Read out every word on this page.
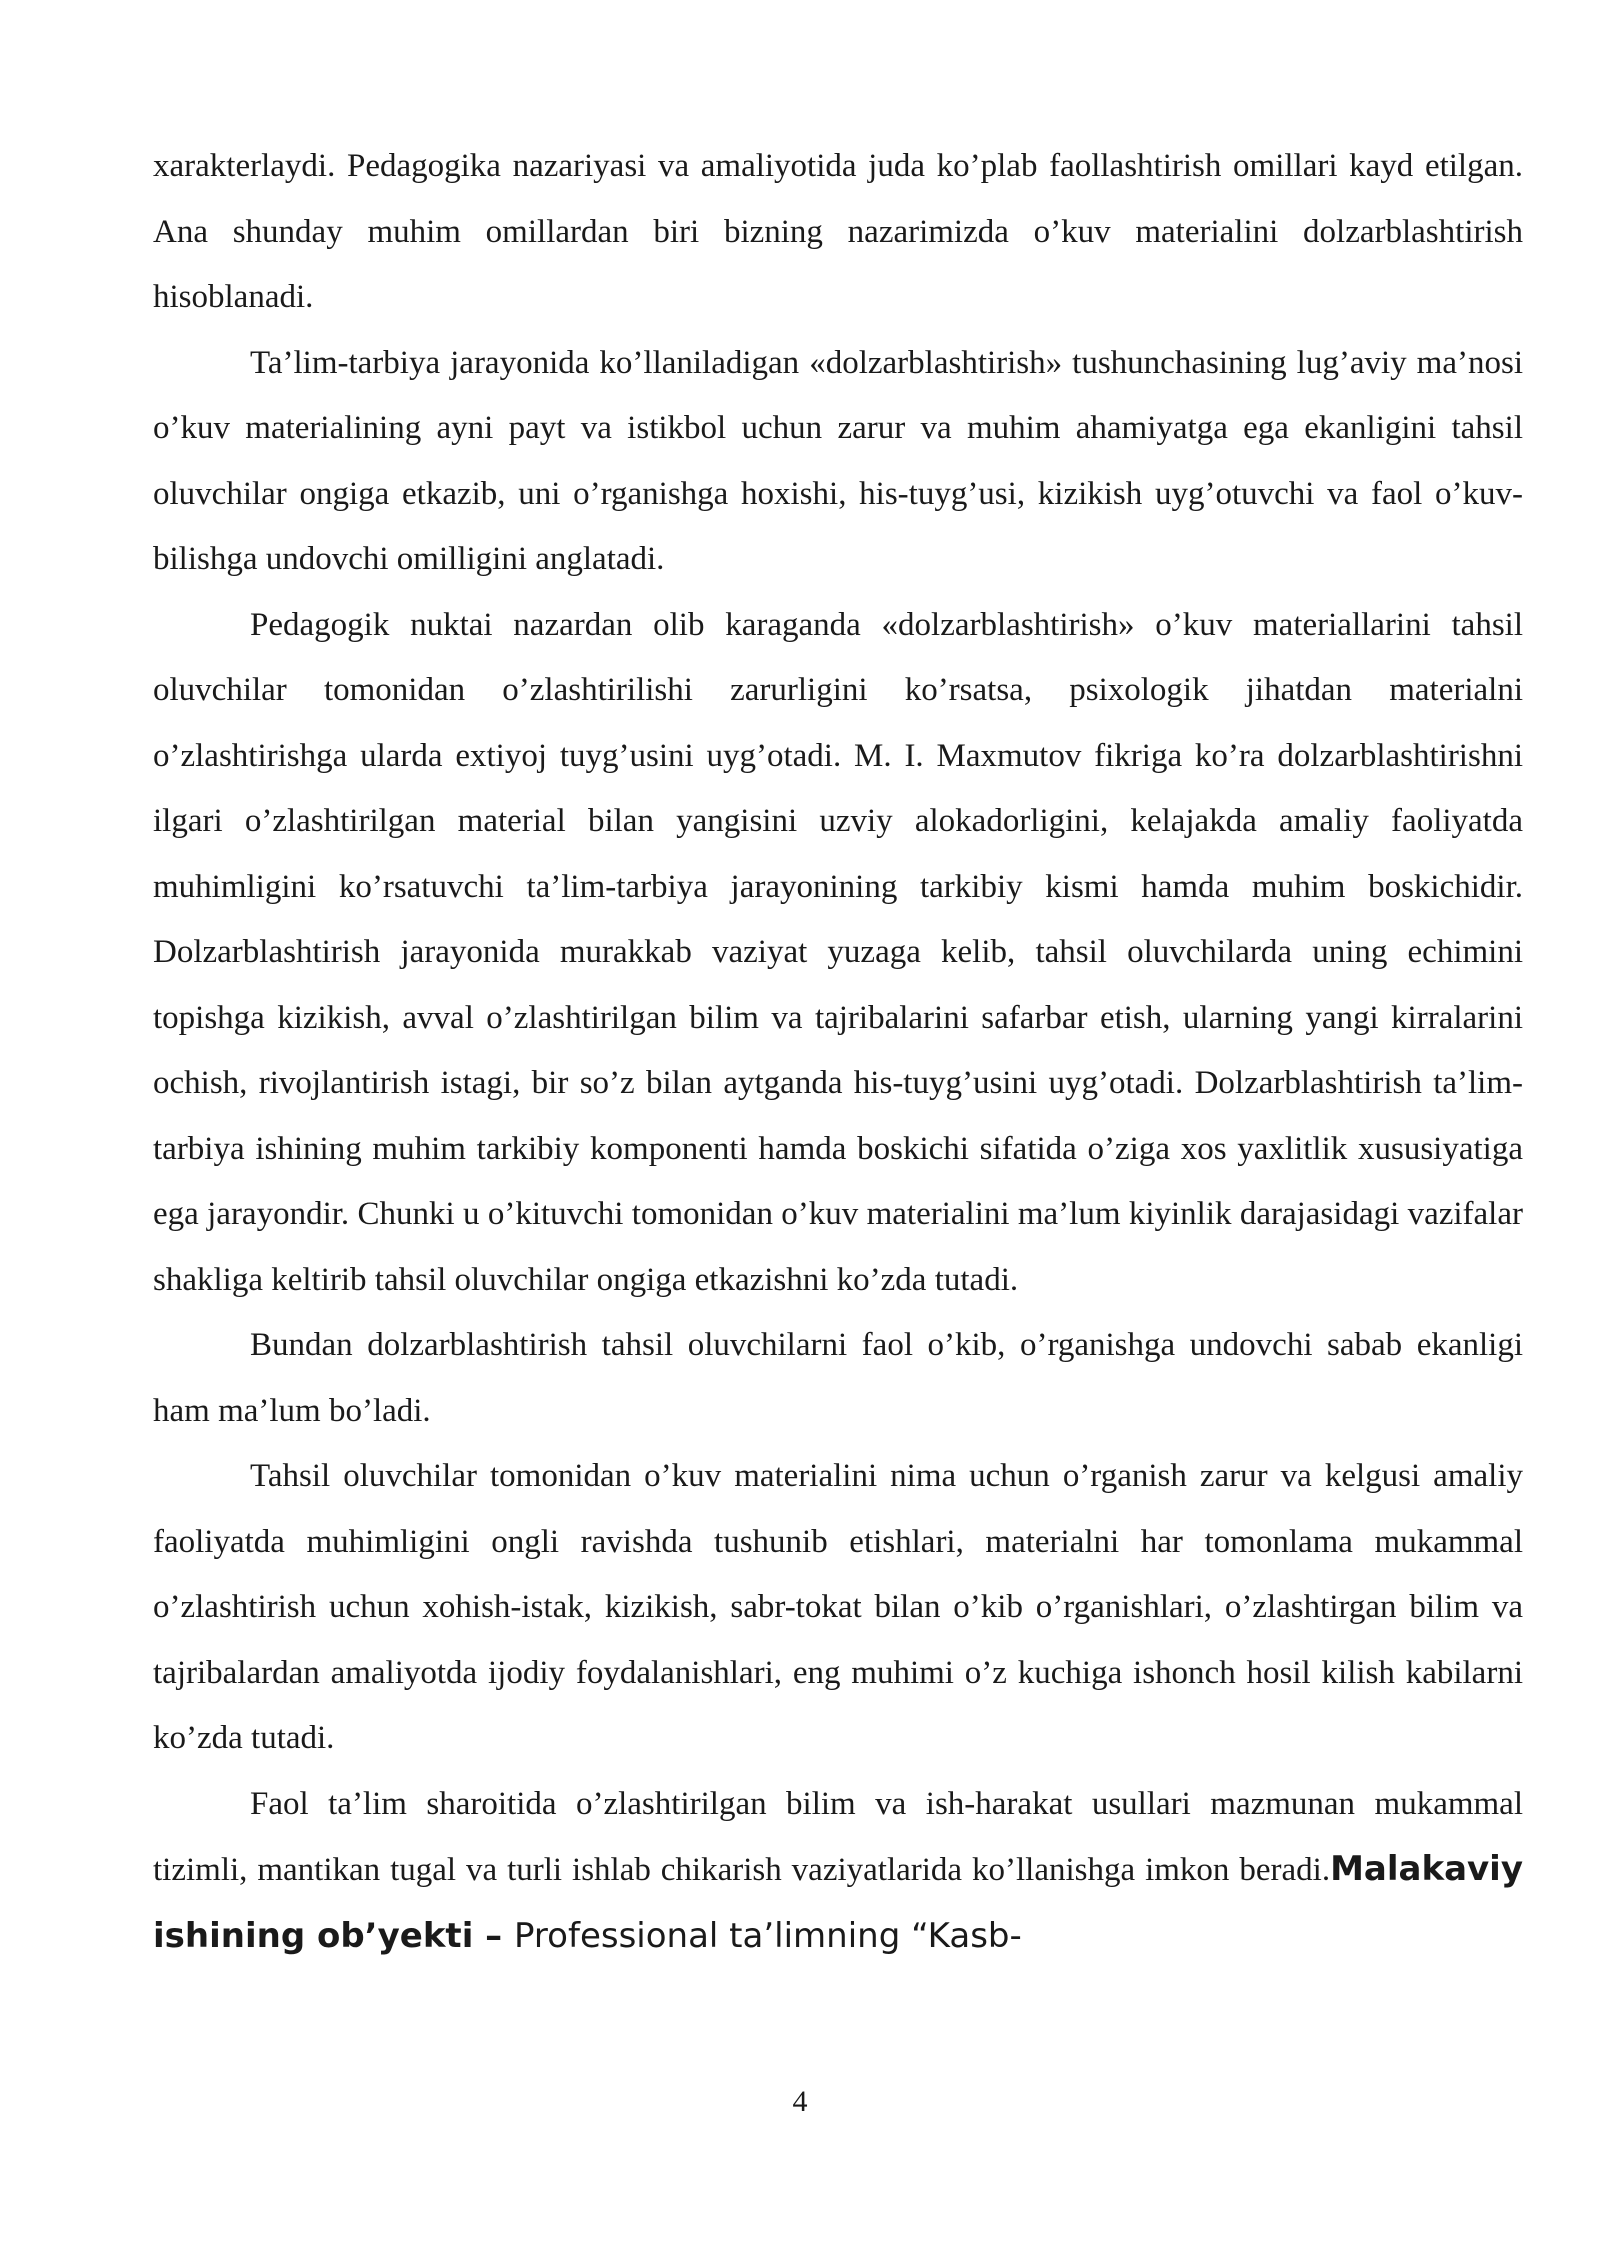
xarakterlaydi. Pedagogika nazariyasi va amaliyotida juda ko’plab faollashtirish omillari kayd etilgan. Ana shunday muhim omillardan biri bizning nazarimizda o’kuv materialini dolzarblashtirish hisoblanadi.

Ta’lim-tarbiya jarayonida ko’llaniladigan «dolzarblashtirish» tushunchasining lug’aviy ma’nosi o’kuv materialining ayni payt va istikbol uchun zarur va muhim ahamiyatga ega ekanligini tahsil oluvchilar ongiga etkazib, uni o’rganishga hoxishi, his-tuyg’usi, kizikish uyg’otuvchi va faol o’kuv-bilishga undovchi omilligini anglatadi.

Pedagogik nuktai nazardan olib karaganda «dolzarblashtirish» o’kuv materiallarini tahsil oluvchilar tomonidan o’zlashtirilishi zarurligini ko’rsatsa, psixologik jihatdan materialni o’zlashtirishga ularda extiyoj tuyg’usini uyg’otadi. M. I. Maxmutov fikriga ko’ra dolzarblashtirishni ilgari o’zlashtirilgan material bilan yangisini uzviy alokadorligini, kelajakda amaliy faoliyatda muhimligini ko’rsatuvchi ta’lim-tarbiya jarayonining tarkibiy kismi hamda muhim boskichidir. Dolzarblashtirish jarayonida murakkab vaziyat yuzaga kelib, tahsil oluvchilarda uning echimini topishga kizikish, avval o’zlashtirilgan bilim va tajribalarini safarbar etish, ularning yangi kirralarini ochish, rivojlantirish istagi, bir so’z bilan aytganda his-tuyg’usini uyg’otadi. Dolzarblashtirish ta’lim-tarbiya ishining muhim tarkibiy komponenti hamda boskichi sifatida o’ziga xos yaxlitlik xususiyatiga ega jarayondir. Chunki u o’kituvchi tomonidan o’kuv materialini ma’lum kiyinlik darajasidagi vazifalar shakliga keltirib tahsil oluvchilar ongiga etkazishni ko’zda tutadi.

Bundan dolzarblashtirish tahsil oluvchilarni faol o’kib, o’rganishga undovchi sabab ekanligi ham ma’lum bo’ladi.

Tahsil oluvchilar tomonidan o’kuv materialini nima uchun o’rganish zarur va kelgusi amaliy faoliyatda muhimligini ongli ravishda tushunib etishlari, materialni har tomonlama mukammal o’zlashtirish uchun xohish-istak, kizikish, sabr-tokat bilan o’kib o’rganishlari, o’zlashtirgan bilim va tajribalardan amaliyotda ijodiy foydalanishlari, eng muhimi o’z kuchiga ishonch hosil kilish kabilarni ko’zda tutadi.

Faol ta’lim sharoitida o’zlashtirilgan bilim va ish-harakat usullari mazmunan mukammal tizimli, mantikan tugal va turli ishlab chikarish vaziyatlarida ko’llanishga imkon beradi.Malakaviy ishining ob’yekti – Professional ta’limning “Kasb-

4
